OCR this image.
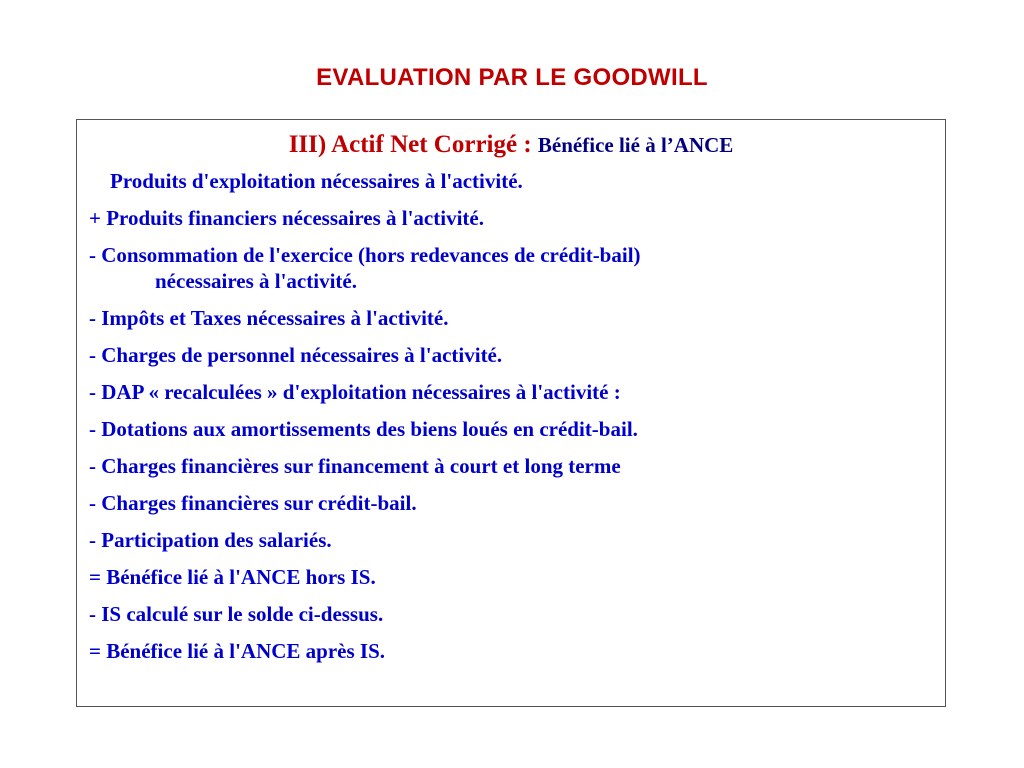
EVALUATION PAR LE GOODWILL

III) Actif Net Corrigé : Bénéfice lié à l’ANCE

Produits d'exploitation nécessaires à l'activité.
+ Produits financiers nécessaires à l'activité.
- Consommation de l'exercice (hors redevances de crédit-bail)
nécessaires à l'activité.
- Impôts et Taxes nécessaires à l'activité.
- Charges de personnel nécessaires à l'activité.
- DAP « recalculées » d'exploitation nécessaires à l'activité :
- Dotations aux amortissements des biens loués en crédit-bail.
- Charges financières sur financement à court et long terme
- Charges financières sur crédit-bail.
- Participation des salariés.
= Bénéfice lié à l'ANCE hors IS.
- IS calculé sur le solde ci-dessus.
= Bénéfice lié à l'ANCE après IS.
